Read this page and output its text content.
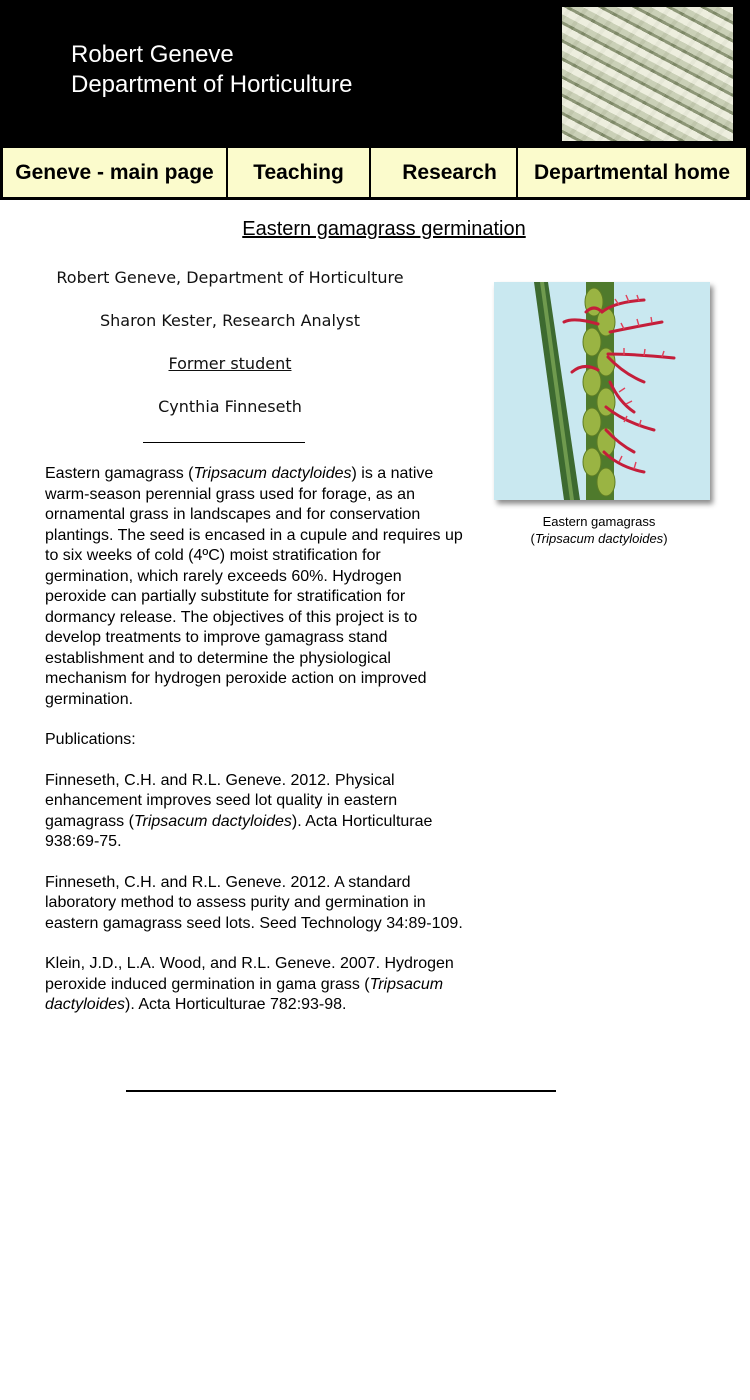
Robert Geneve
Department of Horticulture
Geneve - main page	Teaching	Research	Departmental home
Eastern gamagrass germination
Robert Geneve, Department of Horticulture
Sharon Kester, Research Analyst
Former student
Cynthia Finneseth

Eastern gamagrass (Tripsacum dactyloides) is a native warm-season perennial grass used for forage, as an ornamental grass in landscapes and for conservation plantings. The seed is encased in a cupule and requires up to six weeks of cold (4ºC) moist stratification for germination, which rarely exceeds 60%. Hydrogen peroxide can partially substitute for stratification for dormancy release. The objectives of this project is to develop treatments to improve gamagrass stand establishment and to determine the physiological mechanism for hydrogen peroxide action on improved germination.

Publications:

Finneseth, C.H. and R.L. Geneve. 2012. Physical enhancement improves seed lot quality in eastern gamagrass (Tripsacum dactyloides). Acta Horticulturae 938:69-75.

Finneseth, C.H. and R.L. Geneve. 2012. A standard laboratory method to assess purity and germination in eastern gamagrass seed lots. Seed Technology 34:89-109.

Klein, J.D., L.A. Wood, and R.L. Geneve. 2007. Hydrogen peroxide induced germination in gama grass (Tripsacum dactyloides). Acta Horticulturae 782:93-98.

Eastern gamagrass
(Tripsacum dactyloides)
